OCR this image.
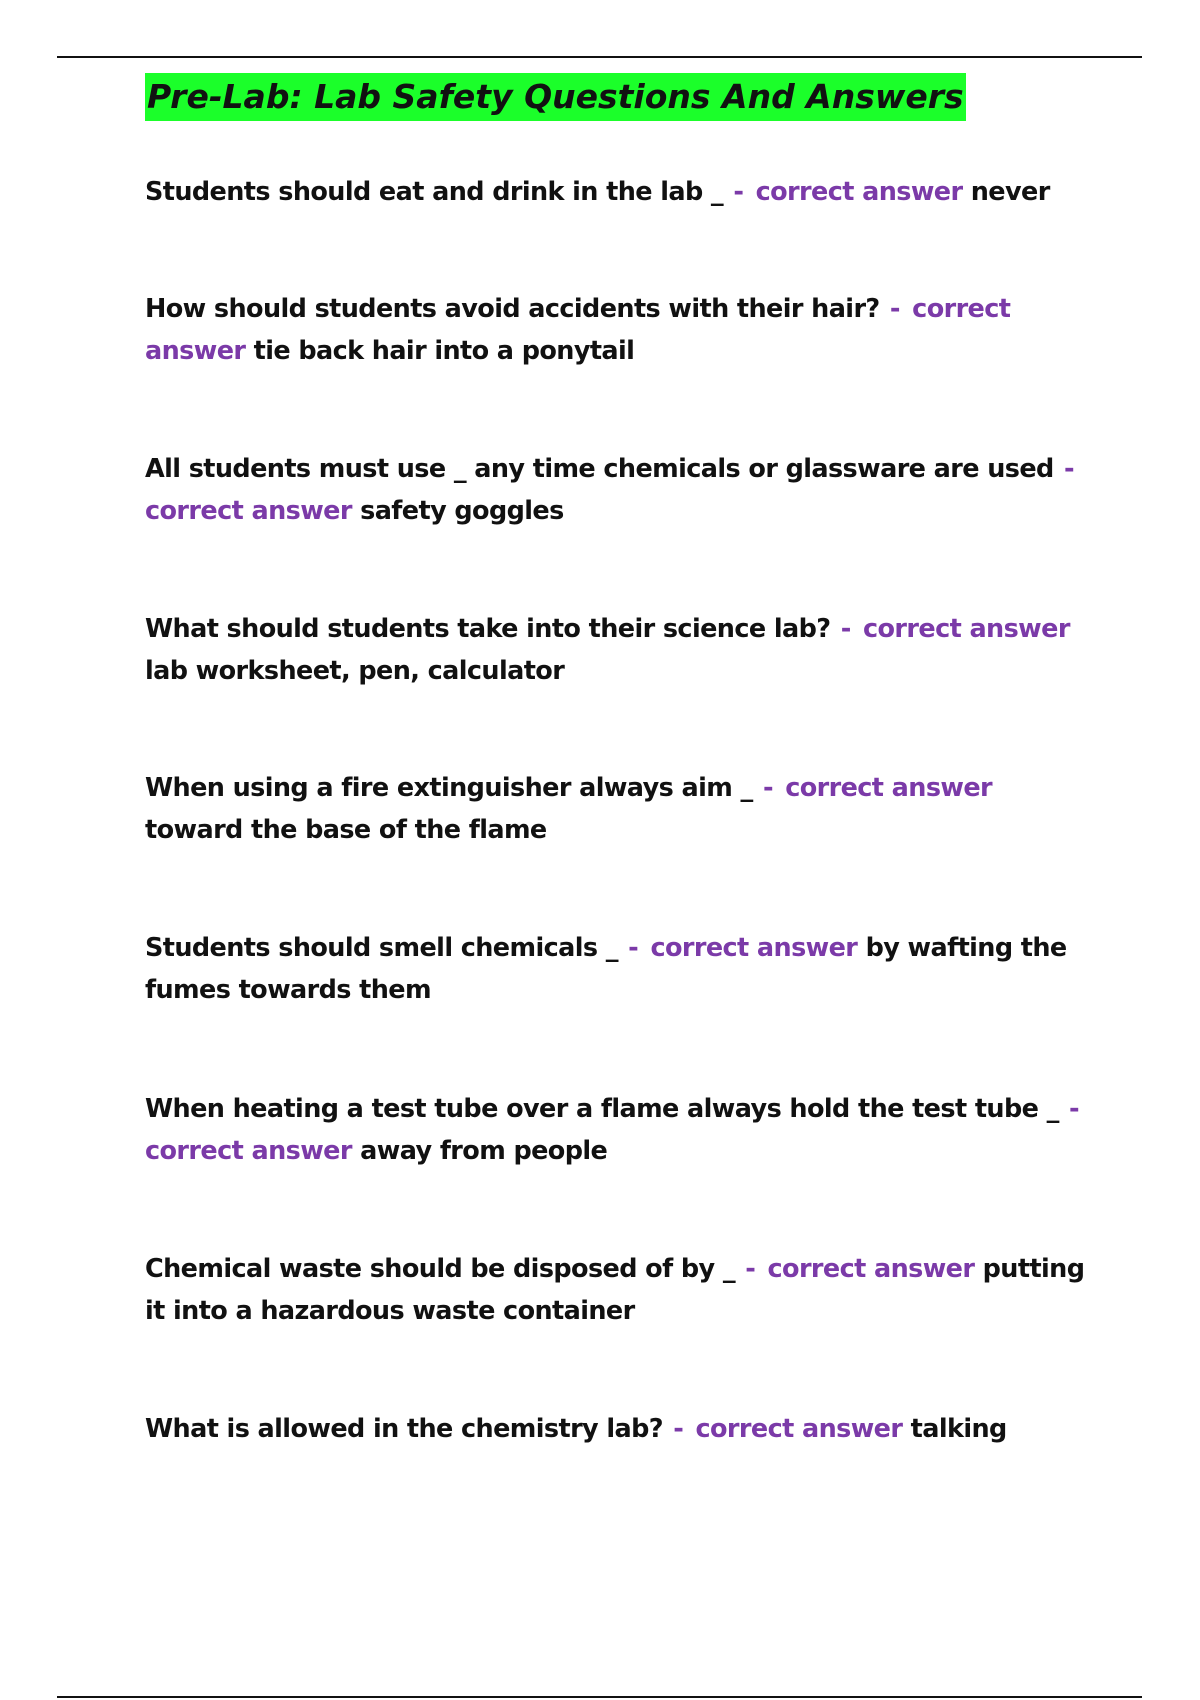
Pre-Lab: Lab Safety Questions And Answers
Students should eat and drink in the lab _ - correct answer never
How should students avoid accidents with their hair? - correct answer tie back hair into a ponytail
All students must use _ any time chemicals or glassware are used - correct answer safety goggles
What should students take into their science lab? - correct answer lab worksheet, pen, calculator
When using a fire extinguisher always aim _ - correct answer toward the base of the flame
Students should smell chemicals _ - correct answer by wafting the fumes towards them
When heating a test tube over a flame always hold the test tube _ - correct answer away from people
Chemical waste should be disposed of by _ - correct answer putting it into a hazardous waste container
What is allowed in the chemistry lab? - correct answer talking
